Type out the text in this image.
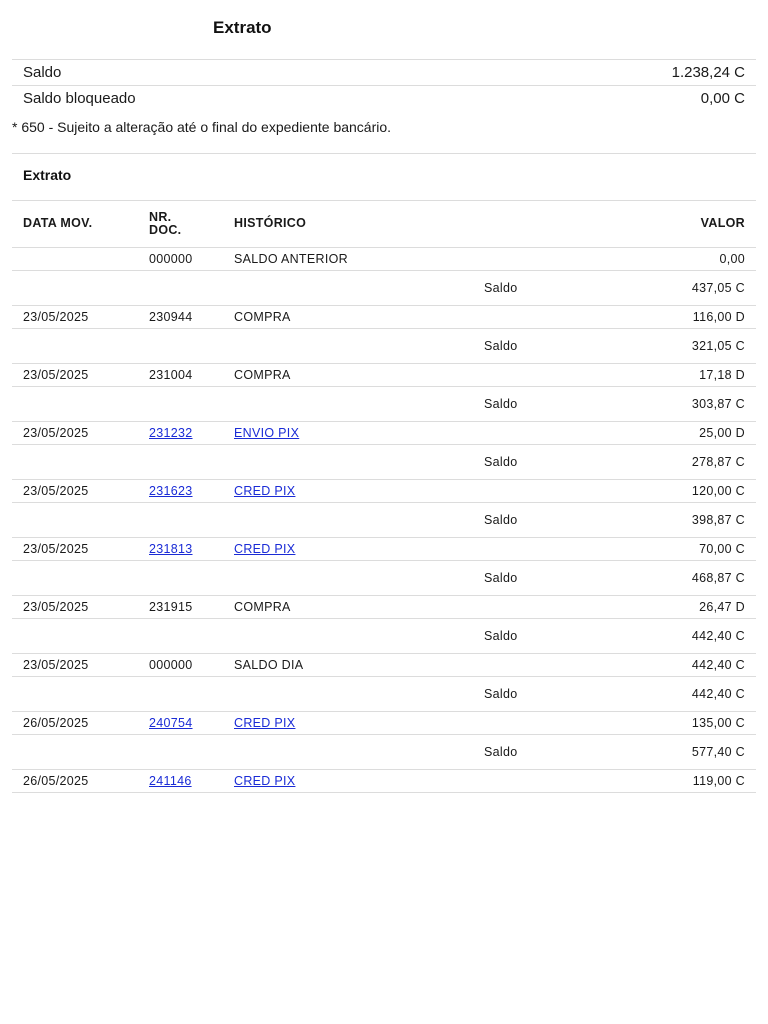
Extrato
Saldo	1.238,24 C
Saldo bloqueado	0,00 C
* 650 - Sujeito a alteração até o final do expediente bancário.
Extrato
DATA MOV.	NR.
DOC.	HISTÓRICO		VALOR
	000000	SALDO ANTERIOR		0,00
			Saldo	437,05 C
23/05/2025	230944	COMPRA		116,00 D
			Saldo	321,05 C
23/05/2025	231004	COMPRA		17,18 D
			Saldo	303,87 C
23/05/2025	231232	ENVIO PIX		25,00 D
			Saldo	278,87 C
23/05/2025	231623	CRED PIX		120,00 C
			Saldo	398,87 C
23/05/2025	231813	CRED PIX		70,00 C
			Saldo	468,87 C
23/05/2025	231915	COMPRA		26,47 D
			Saldo	442,40 C
23/05/2025	000000	SALDO DIA		442,40 C
			Saldo	442,40 C
26/05/2025	240754	CRED PIX		135,00 C
			Saldo	577,40 C
26/05/2025	241146	CRED PIX		119,00 C
